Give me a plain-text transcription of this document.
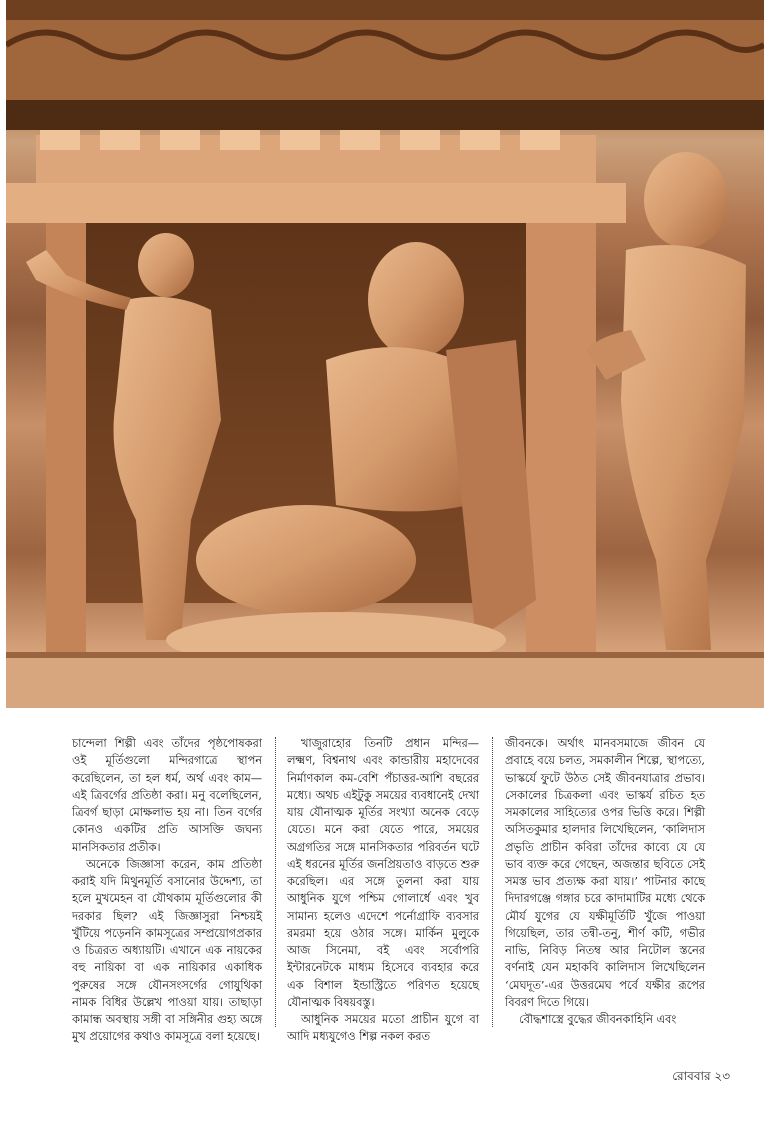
চান্দেলা শিল্পী এবং তাঁদের পৃষ্ঠপোষকরা ওই মূর্তিগুলো মন্দিরগাত্রে স্থাপন করেছিলেন, তা হল ধর্ম, অর্থ এবং কাম—এই ত্রিবর্গের প্রতিষ্ঠা করা। মনু বলেছিলেন, ত্রিবর্গ ছাড়া মোক্ষলাভ হয় না। তিন বর্গের কোনও একটির প্রতি আসক্তি জঘন্য মানসিকতার প্রতীক।

অনেকে জিজ্ঞাসা করেন, কাম প্রতিষ্ঠা করাই যদি মিথুনমূর্তি বসানোর উদ্দেশ্য, তা হলে মুখমেহন বা যৌথকাম মূর্তিগুলোর কী দরকার ছিল? এই জিজ্ঞাসুরা নিশ্চয়ই খুঁটিয়ে পড়েননি কামসূত্রের সম্প্রয়োগপ্রকার ও চিত্ররত অধ্যায়টি। এখানে এক নায়কের বহু নায়িকা বা এক নায়িকার একাধিক পুরুষের সঙ্গে যৌনসংসর্গের গোযুথিকা নামক বিধির উল্লেখ পাওয়া যায়। তাছাড়া কামান্ধ অবস্থায় সঙ্গী বা সঙ্গিনীর গুহ্য অঙ্গে মুখ প্রয়োগের কথাও কামসূত্রে বলা হয়েছে।

খাজুরাহোর তিনটি প্রধান মন্দির—লক্ষ্মণ, বিশ্বনাথ এবং কান্ডারীয় মহাদেবের নির্মাণকাল কম-বেশি পঁচাত্তর-আশি বছরের মধ্যে। অথচ এইটুকু সময়ের ব্যবধানেই দেখা যায় যৌনাত্মক মূর্তির সংখ্যা অনেক বেড়ে যেতে। মনে করা যেতে পারে, সময়ের অগ্রগতির সঙ্গে মানসিকতার পরিবর্তন ঘটে এই ধরনের মূর্তির জনপ্রিয়তাও বাড়তে শুরু করেছিল। এর সঙ্গে তুলনা করা যায় আধুনিক যুগে পশ্চিম গোলার্ধে এবং খুব সামান্য হলেও এদেশে পর্নোগ্রাফি ব্যবসার রমরমা হয়ে ওঠার সঙ্গে। মার্কিন মুলুকে আজ সিনেমা, বই এবং সর্বোপরি ইন্টারনেটকে মাধ্যম হিসেবে ব্যবহার করে এক বিশাল ইন্ডাস্ট্রিতে পরিণত হয়েছে যৌনাত্মক বিষয়বস্তু।

আধুনিক সময়ের মতো প্রাচীন যুগে বা আদি মধ্যযুগেও শিল্প নকল করত

জীবনকে। অর্থাৎ মানবসমাজে জীবন যে প্রবাহে বয়ে চলত, সমকালীন শিল্পে, স্থাপত্যে, ভাস্কর্যে ফুটে উঠত সেই জীবনযাত্রার প্রভাব। সেকালের চিত্রকলা এবং ভাস্কর্য রচিত হত সমকালের সাহিত্যের ওপর ভিত্তি করে। শিল্পী অসিতকুমার হালদার লিখেছিলেন, ‘কালিদাস প্রভৃতি প্রাচীন কবিরা তাঁদের কাব্যে যে যে ভাব ব্যক্ত করে গেছেন, অজন্তার ছবিতে সেই সমস্ত ভাব প্রত্যক্ষ করা যায়।’ পাটনার কাছে দিদারগঞ্জে গঙ্গার চরে কাদামাটির মধ্যে থেকে মৌর্য যুগের যে যক্ষীমূর্তিটি খুঁজে পাওয়া গিয়েছিল, তার তন্বী-তনু, শীর্ণ কটি, গভীর নাভি, নিবিড় নিতম্ব আর নিটোল স্তনের বর্ণনাই যেন মহাকবি কালিদাস লিখেছিলেন ‘মেঘদূত’-এর উত্তরমেঘ পর্বে যক্ষীর রূপের বিবরণ দিতে গিয়ে।

বৌদ্ধশাস্ত্রে বুদ্ধের জীবনকাহিনি এবং

রোববার ২৩
